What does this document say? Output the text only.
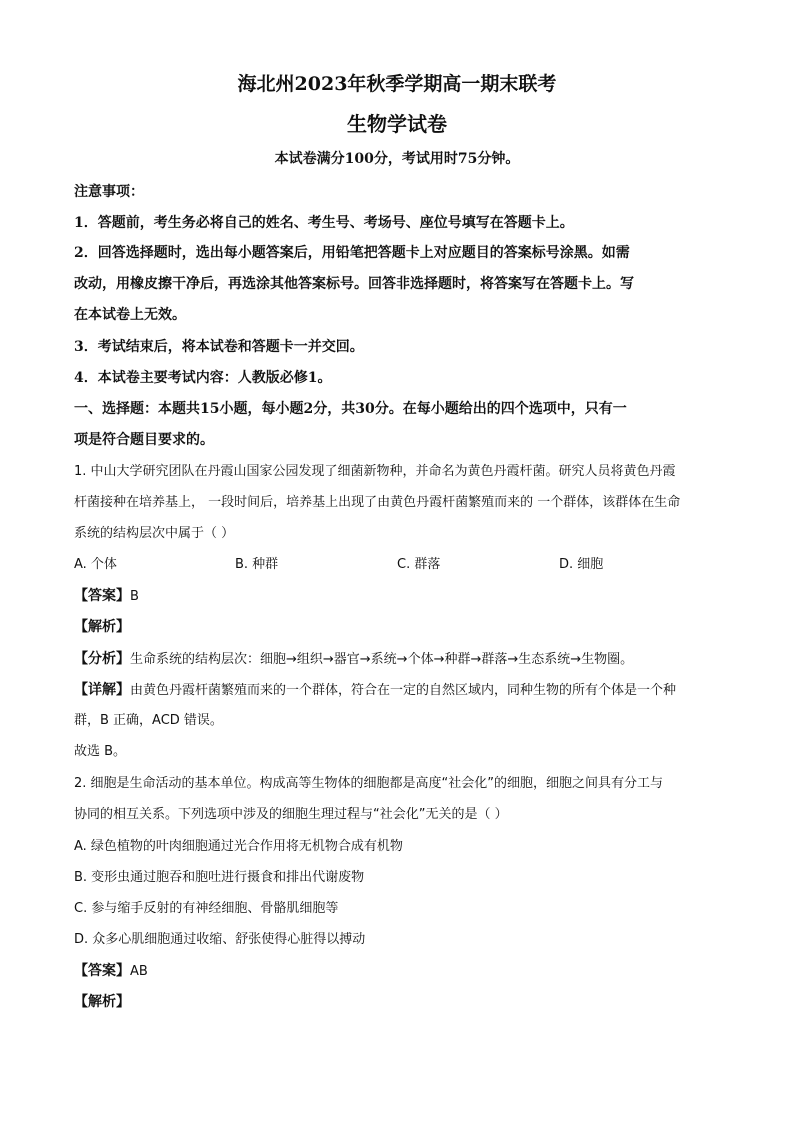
海北州2023年秋季学期高一期末联考
生物学试卷
本试卷满分100分，考试用时75分钟。
注意事项：
1．答题前，考生务必将自己的姓名、考生号、考场号、座位号填写在答题卡上。
2．回答选择题时，选出每小题答案后，用铅笔把答题卡上对应题目的答案标号涂黑。如需
改动，用橡皮擦干净后，再选涂其他答案标号。回答非选择题时，将答案写在答题卡上。写
在本试卷上无效。
3．考试结束后，将本试卷和答题卡一并交回。
4．本试卷主要考试内容：人教版必修1。
一、选择题：本题共15小题，每小题2分，共30分。在每小题给出的四个选项中，只有一
项是符合题目要求的。
1. 中山大学研究团队在丹霞山国家公园发现了细菌新物种，并命名为黄色丹霞杆菌。研究人员将黄色丹霞
杆菌接种在培养基上， 一段时间后，培养基上出现了由黄色丹霞杆菌繁殖而来的 一个群体，该群体在生命
系统的结构层次中属于（ ）
A. 个体	B. 种群	C. 群落	D. 细胞
【答案】B
【解析】
【分析】生命系统的结构层次：细胞→组织→器官→系统→个体→种群→群落→生态系统→生物圈。
【详解】由黄色丹霞杆菌繁殖而来的一个群体，符合在一定的自然区域内，同种生物的所有个体是一个种
群，B 正确，ACD 错误。
故选 B。
2. 细胞是生命活动的基本单位。构成高等生物体的细胞都是高度“社会化”的细胞，细胞之间具有分工与
协同的相互关系。下列选项中涉及的细胞生理过程与“社会化”无关的是（ ）
A. 绿色植物的叶肉细胞通过光合作用将无机物合成有机物
B. 变形虫通过胞吞和胞吐进行摄食和排出代谢废物
C. 参与缩手反射的有神经细胞、骨骼肌细胞等
D. 众多心肌细胞通过收缩、舒张使得心脏得以搏动
【答案】AB
【解析】
